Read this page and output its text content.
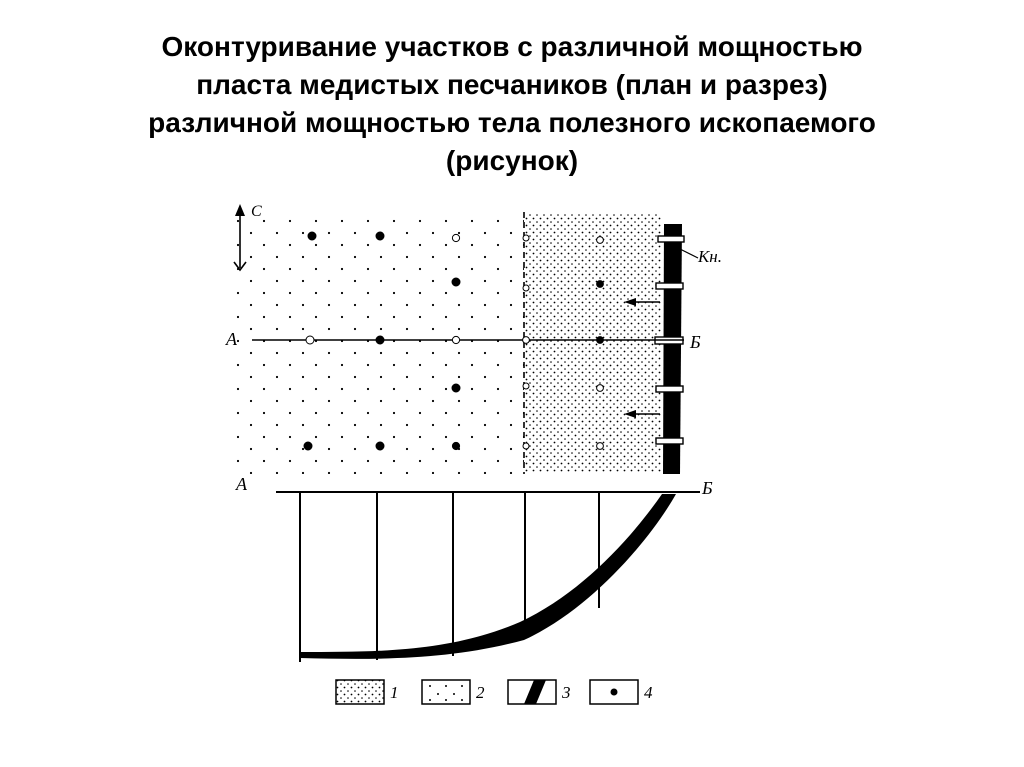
Оконтуривание участков с различной мощностью
пласта медистых песчаников (план и разрез)
различной мощностью тела полезного ископаемого
(рисунок)
С
Кн.
А	Б
А	Б
1	2	3	4
